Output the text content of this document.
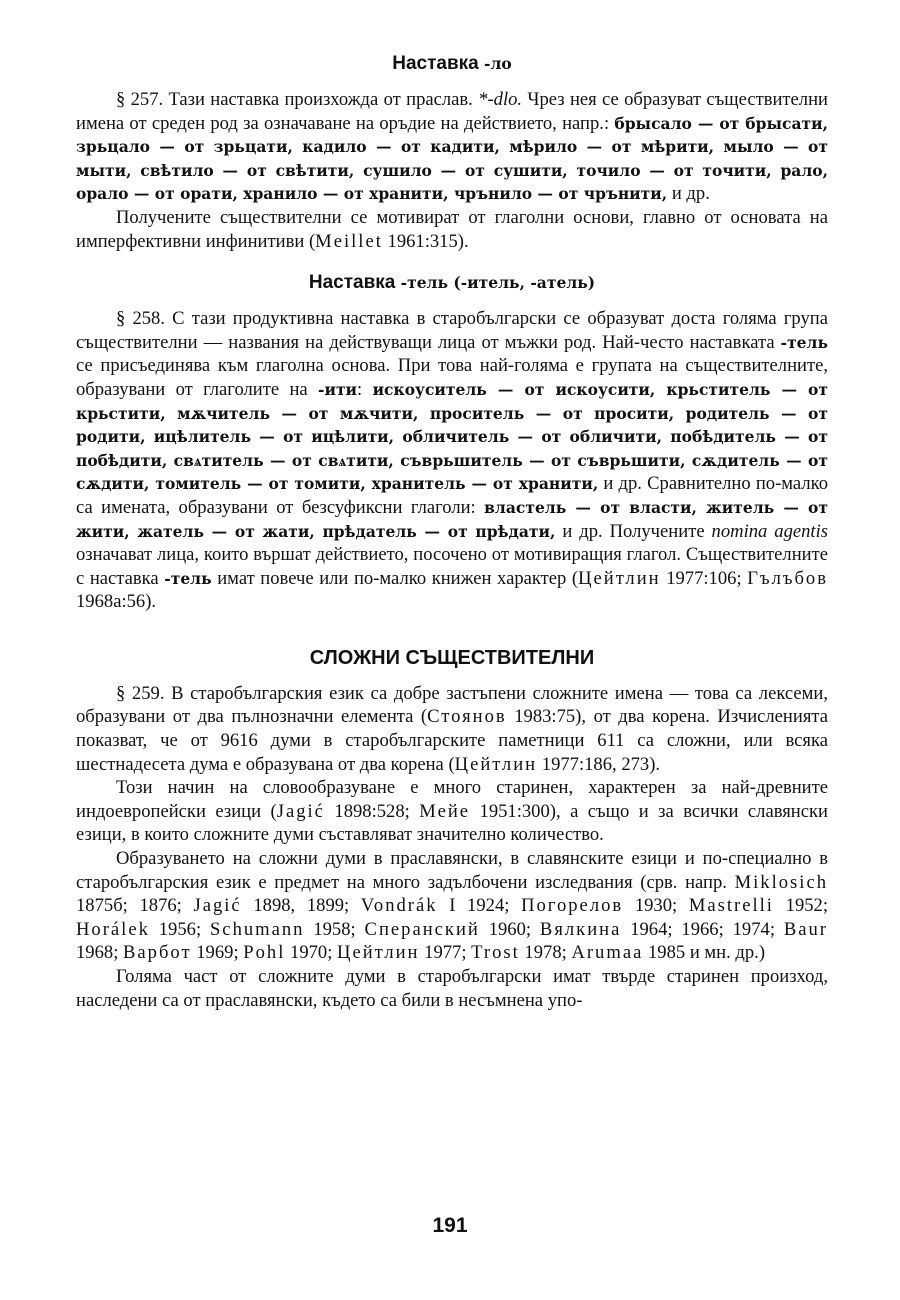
Наставка -ло

§ 257. Тази наставка произхожда от праслав. *-dlo. Чрез нея се образуват съществителни имена от среден род за означаване на оръдие на действието, напр.: брысало — от брысати, зрьцало — от зрьцати, кадило — от кадити, мѣрило — от мѣрити, мыло — от мыти, свѣтило — от свѣтити, сушило — от сушити, точило — от точити, рало, орало — от орати, хранило — от хранити, чрънило — от чрънити, и др.

Получените съществителни се мотивират от глаголни основи, главно от основата на имперфективни инфинитиви (Meillet 1961:315).

Наставка -тель (-итель, -атель)

§ 258. С тази продуктивна наставка в старобългарски се образуват доста голяма група съществителни — названия на действуващи лица от мъжки род. Най-често наставката -тель се присъединява към глаголна основа. При това най-голяма е групата на съществителните, образувани от глаголите на -ити: искоуситель — от искоусити, крьститель — от крьстити, мѫчитель — от мѫчити, проситель — от просити, родитель — от родити, ицѣлитель — от ицѣлити, обличитель — от обличити, побѣдитель — от побѣдити, свѧтитель — от свѧтити, съврьшитель — от съврьшити, сѫдитель — от сѫдити, томитель — от томити, хранитель — от хранити, и др. Сравнително по-малко са имената, образувани от безсуфиксни глаголи: властель — от власти, житель — от жити, жатель — от жати, прѣдатель — от прѣдати, и др. Получените nomina agentis означават лица, които вършат действието, посочено от мотивиращия глагол. Съществителните с наставка -тель имат повече или по-малко книжен характер (Цейтлин 1977:106; Гълъбов 1968а:56).

СЛОЖНИ СЪЩЕСТВИТЕЛНИ

§ 259. В старобългарския език са добре застъпени сложните имена — това са лексеми, образувани от два пълнозначни елемента (Стоянов 1983:75), от два корена. Изчисленията показват, че от 9616 думи в старобългарските паметници 611 са сложни, или всяка шестнадесета дума е образувана от два корена (Цейтлин 1977:186, 273).

Този начин на словообразуване е много старинен, характерен за най-древните индоевропейски езици (Jagić 1898:528; Мейе 1951:300), а също и за всички славянски езици, в които сложните думи съставляват значително количество.

Образуването на сложни думи в праславянски, в славянските езици и по-специално в старобългарския език е предмет на много задълбочени изследвания (срв. напр. Miklosich 1875б; 1876; Jagić 1898, 1899; Vondrák I 1924; Погорелов 1930; Mastrelli 1952; Horálek 1956; Schumann 1958; Сперанский 1960; Вялкина 1964; 1966; 1974; Baur 1968; Варбот 1969; Pohl 1970; Цейтлин 1977; Trost 1978; Arumaa 1985 и мн. др.)

Голяма част от сложните думи в старобългарски имат твърде старинен произход, наследени са от праславянски, където са били в несъмнена упо-

191
